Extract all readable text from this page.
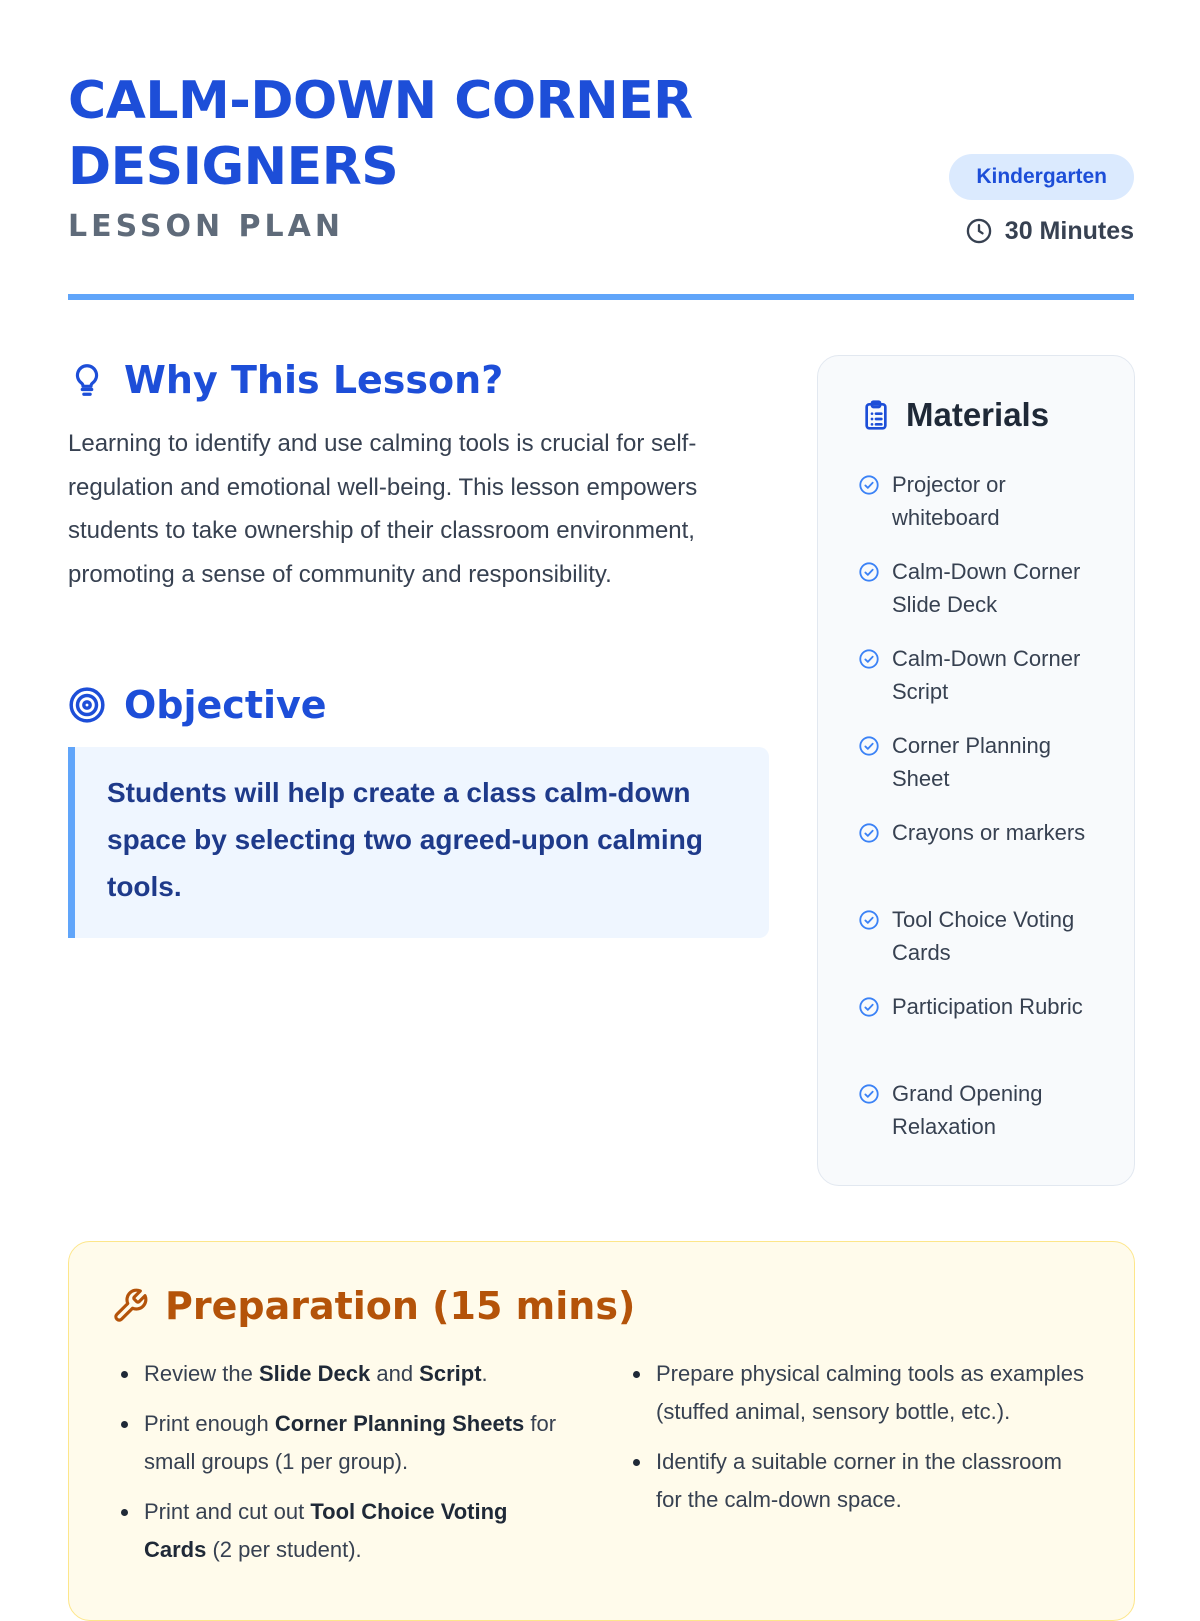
CALM-DOWN CORNER DESIGNERS
LESSON PLAN
Kindergarten
30 Minutes
Why This Lesson?

Learning to identify and use calming tools is crucial for self-regulation and emotional well-being. This lesson empowers students to take ownership of their classroom environment, promoting a sense of community and responsibility.

Objective

Students will help create a class calm-down space by selecting two agreed-upon calming tools.

Materials
Projector or whiteboard
Calm-Down Corner Slide Deck
Calm-Down Corner Script
Corner Planning Sheet
Crayons or markers
Tool Choice Voting Cards
Participation Rubric
Grand Opening Relaxation
Preparation (15 mins)
Review the Slide Deck and Script.
Print enough Corner Planning Sheets for small groups (1 per group).
Print and cut out Tool Choice Voting Cards (2 per student).
Prepare physical calming tools as examples (stuffed animal, sensory bottle, etc.).
Identify a suitable corner in the classroom for the calm-down space.
